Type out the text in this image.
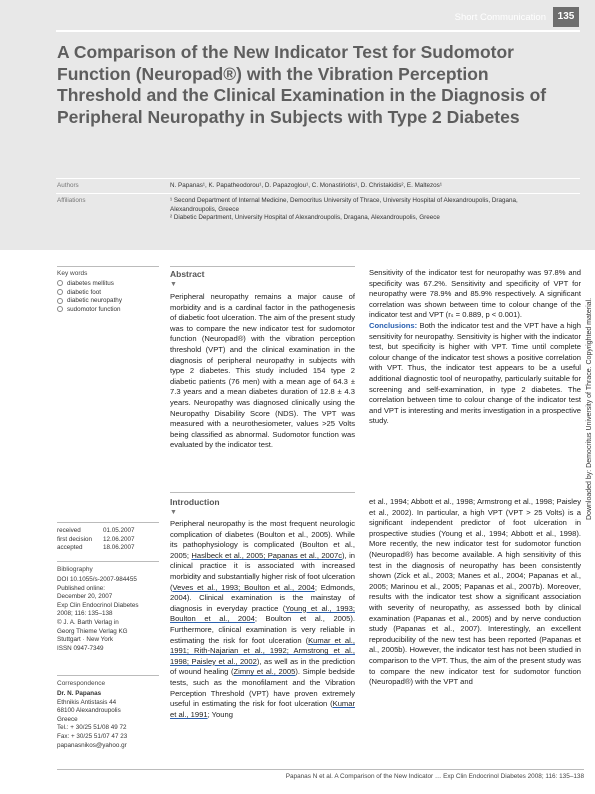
Short Communication	135
A Comparison of the New Indicator Test for Sudomotor Function (Neuropad®) with the Vibration Perception Threshold and the Clinical Examination in the Diagnosis of Peripheral Neuropathy in Subjects with Type 2 Diabetes
Authors	N. Papanas¹, K. Papatheodorou¹, D. Papazoglou¹, C. Monastiriotis¹, D. Christakidis², E. Maltezos¹
Affiliations	¹ Second Department of Internal Medicine, Democritus University of Thrace, University Hospital of Alexandroupolis, Dragana, Alexandroupolis, Greece
² Diabetic Department, University Hospital of Alexandroupolis, Dragana, Alexandroupolis, Greece
Key words
diabetes mellitus
diabetic foot
diabetic neuropathy
sudomotor function
received	01.05.2007
first decision 12.06.2007
accepted	18.06.2007
Bibliography
DOI 10.1055/s-2007-984455
Published online:
December 20, 2007
Exp Clin Endocrinol Diabetes
2008; 116: 135–138
© J. A. Barth Verlag in
Georg Thieme Verlag KG
Stuttgart · New York
ISSN 0947-7349
Correspondence
Dr. N. Papanas
Ethnikis Antistasis 44
68100 Alexandroupolis
Greece
Tel.: + 30/25 51/08 49 72
Fax: + 30/25 51/07 47 23
papanasnikos@yahoo.gr
Abstract
▼

Peripheral neuropathy remains a major cause of morbidity and is a cardinal factor in the pathogenesis of diabetic foot ulceration. The aim of the present study was to compare the new indicator test for sudomotor function (Neuropad®) with the vibration perception threshold (VPT) and the clinical examination in the diagnosis of peripheral neuropathy in subjects with type 2 diabetes. This study included 154 type 2 diabetic patients (76 men) with a mean age of 64.3 ± 7.3 years and a mean diabetes duration of 12.8 ± 4.3 years. Neuropathy was diagnosed clinically using the Neuropathy Disability Score (NDS). The VPT was measured with a neurothesiometer, values >25 Volts being classified as abnormal. Sudomotor function was evaluated by the indicator test.

Sensitivity of the indicator test for neuropathy was 97.8% and specificity was 67.2%. Sensitivity and specificity of VPT for neuropathy were 78.9% and 85.9% respectively. A significant correlation was shown between time to colour change of the indicator test and VPT (rₛ = 0.889, p < 0.001).

Conclusions: Both the indicator test and the VPT have a high sensitivity for neuropathy. Sensitivity is higher with the indicator test, but specificity is higher with VPT. Time until complete colour change of the indicator test shows a positive correlation with VPT. Thus, the indicator test appears to be a useful additional diagnostic tool of neuropathy, particularly suitable for screening and self-examination, in type 2 diabetes. The correlation between time to colour change of the indicator test and VPT is interesting and merits investigation in a prospective study.

Introduction
▼

Peripheral neuropathy is the most frequent neurologic complication of diabetes (Boulton et al., 2005). While its pathophysiology is complicated (Boulton et al., 2005; Haslbeck et al., 2005; Papanas et al., 2007c), in clinical practice it is associated with increased morbidity and substantially higher risk of foot ulceration (Veves et al., 1993; Boulton et al., 2004; Edmonds, 2004). Clinical examination is the mainstay of diagnosis in everyday practice (Young et al., 1993; Boulton et al., 2004; Boulton et al., 2005). Furthermore, clinical examination is very reliable in estimating the risk for foot ulceration (Kumar et al., 1991; Rith-Najarian et al., 1992; Armstrong et al., 1998; Paisley et al., 2002), as well as in the prediction of wound healing (Zimny et al., 2005). Simple bedside tests, such as the monofilament and the Vibration Perception Threshold (VPT) have proven extremely useful in estimating the risk for foot ulceration (Kumar et al., 1991; Young

et al., 1994; Abbott et al., 1998; Armstrong et al., 1998; Paisley et al., 2002). In particular, a high VPT (VPT > 25 Volts) is a significant independent predictor of foot ulceration in prospective studies (Young et al., 1994; Abbott et al., 1998). More recently, the new indicator test for sudomotor function (Neuropad®) has become available. A high sensitivity of this test in the diagnosis of neuropathy has been consistently shown (Zick et al., 2003; Manes et al., 2004; Papanas et al., 2005; Marinou et al., 2005; Papanas et al., 2007b). Moreover, results with the indicator test show a significant association with severity of neuropathy, as assessed both by clinical examination (Papanas et al., 2005) and by nerve conduction study (Papanas et al., 2007). Interestingly, an excellent reproducibility of the new test has been reported (Papanas et al., 2005b). However, the indicator test has not been studied in comparison to the VPT. Thus, the aim of the present study was to compare the new indicator test for sudomotor function (Neuropad®) with the VPT and

Downloaded by: Democritus University of Thrace. Copyrighted material.
Papanas N et al. A Comparison of the New Indicator … Exp Clin Endocrinol Diabetes 2008; 116: 135–138
